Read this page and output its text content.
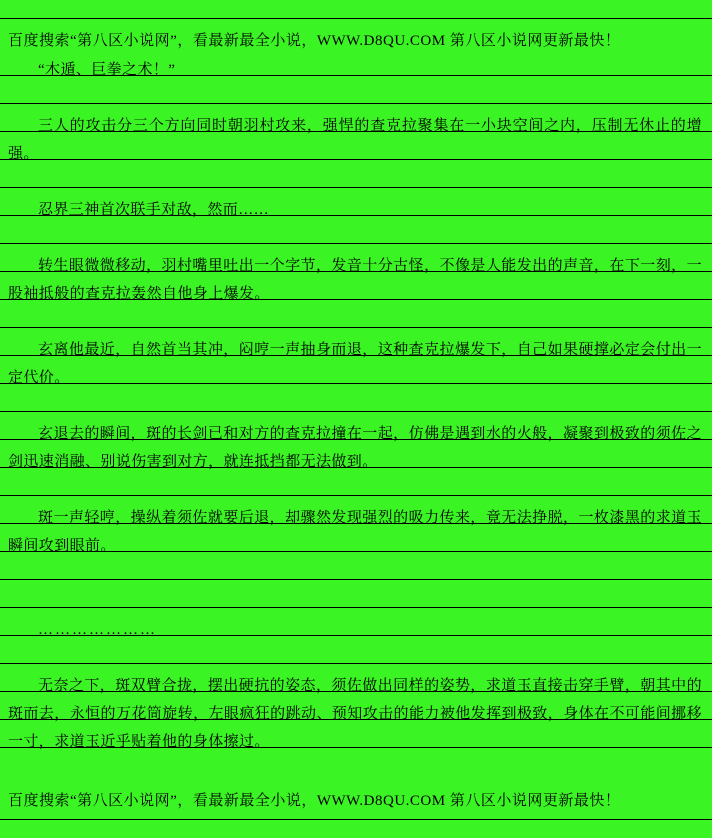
百度搜索“第八区小说网”，看最新最全小说，WWW.D8QU.COM 第八区小说网更新最快！

“木遁、巨拳之术！”

三人的攻击分三个方向同时朝羽村攻来，强悍的查克拉聚集在一小块空间之内，压制无休止的增强。

忍界三神首次联手对敌，然而……

转生眼微微移动，羽村嘴里吐出一个字节，发音十分古怪，不像是人能发出的声音，在下一刻，一股袖抵般的查克拉轰然自他身上爆发。

玄离他最近，自然首当其冲，闷哼一声抽身而退，这种查克拉爆发下，自己如果硬撑必定会付出一定代价。

玄退去的瞬间，斑的长剑已和对方的查克拉撞在一起，仿佛是遇到水的火般，凝聚到极致的须佐之剑迅速消融、别说伤害到对方，就连抵挡都无法做到。

斑一声轻哼，操纵着须佐就要后退，却骤然发现强烈的吸力传来，竟无法挣脱，一枚漆黑的求道玉瞬间攻到眼前。

…………………

无奈之下，斑双臂合拢，摆出硬抗的姿态，须佐做出同样的姿势，求道玉直接击穿手臂，朝其中的斑而去，永恒的万花筒旋转，左眼疯狂的跳动、预知攻击的能力被他发挥到极致，身体在不可能间挪移一寸，求道玉近乎贴着他的身体擦过。

百度搜索“第八区小说网”，看最新最全小说，WWW.D8QU.COM 第八区小说网更新最快！
